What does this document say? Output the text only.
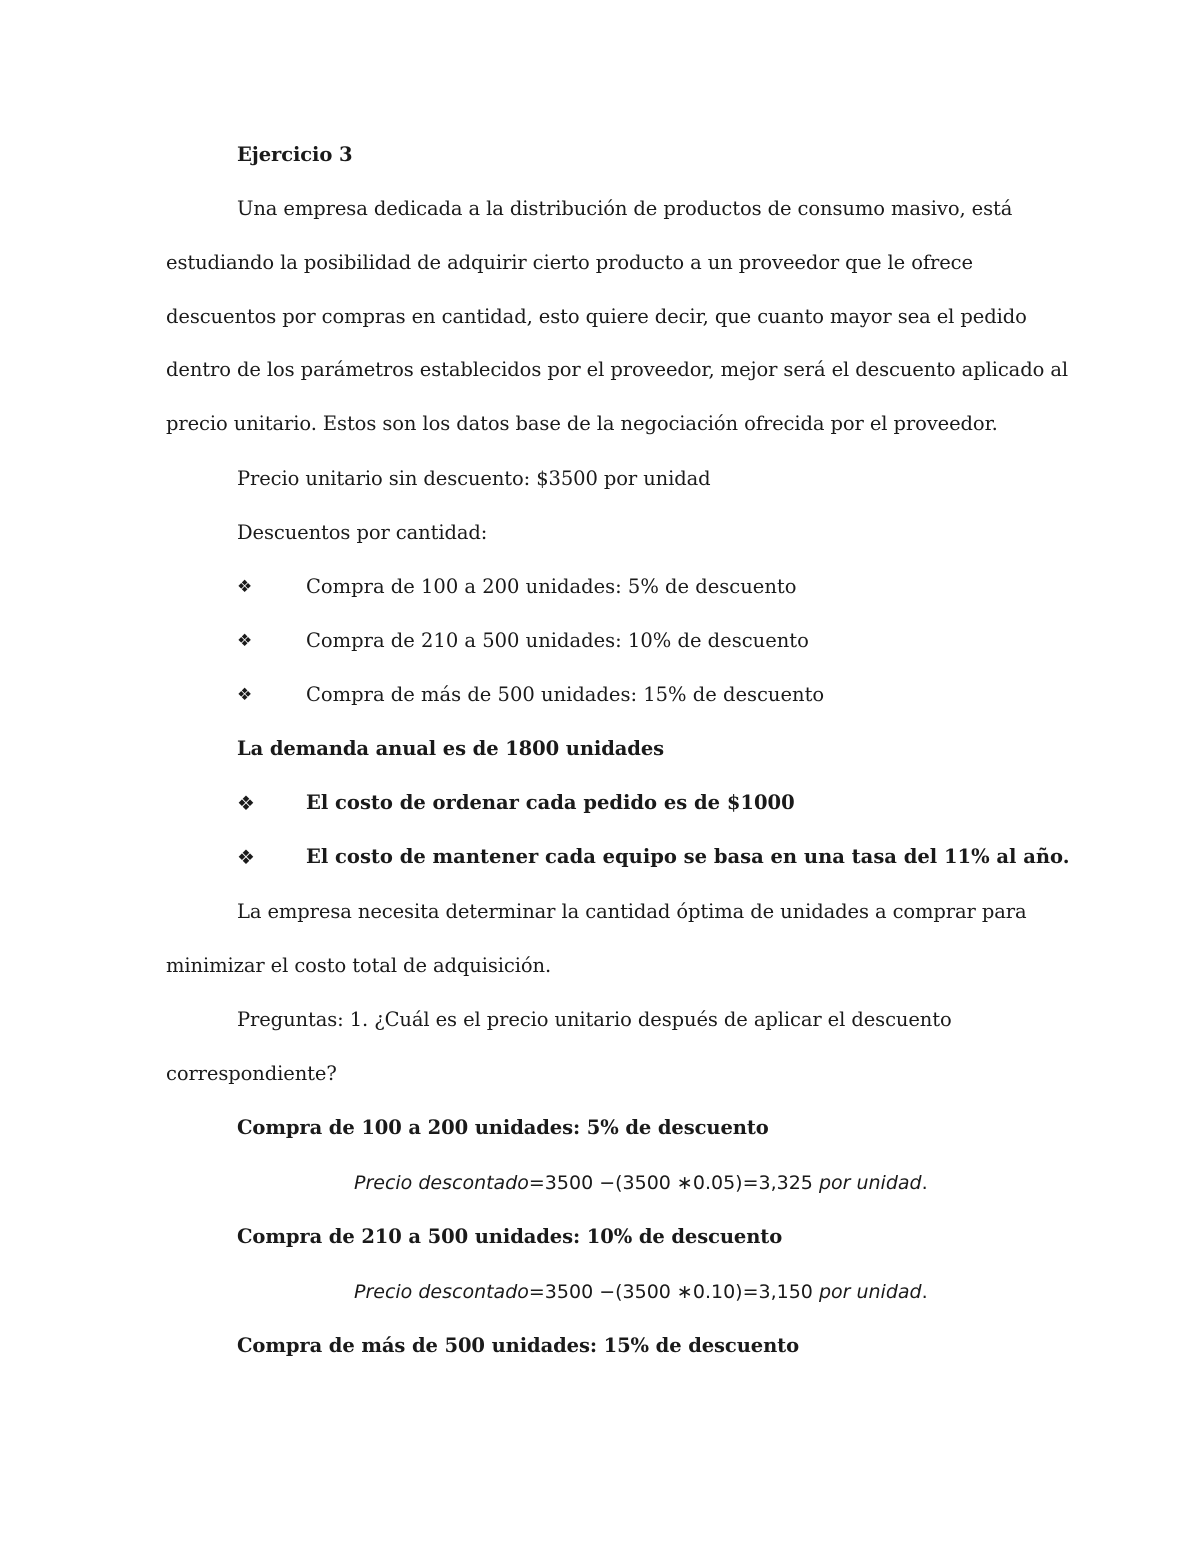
Ejercicio 3
Una empresa dedicada a la distribución de productos de consumo masivo, está
estudiando la posibilidad de adquirir cierto producto a un proveedor que le ofrece
descuentos por compras en cantidad, esto quiere decir, que cuanto mayor sea el pedido
dentro de los parámetros establecidos por el proveedor, mejor será el descuento aplicado al
precio unitario. Estos son los datos base de la negociación ofrecida por el proveedor.
Precio unitario sin descuento: $3500 por unidad
Descuentos por cantidad:
❖	Compra de 100 a 200 unidades: 5% de descuento
❖	Compra de 210 a 500 unidades: 10% de descuento
❖	Compra de más de 500 unidades: 15% de descuento
La demanda anual es de 1800 unidades
❖	El costo de ordenar cada pedido es de $1000
❖	El costo de mantener cada equipo se basa en una tasa del 11% al año.
La empresa necesita determinar la cantidad óptima de unidades a comprar para
minimizar el costo total de adquisición.
Preguntas: 1. ¿Cuál es el precio unitario después de aplicar el descuento
correspondiente?
Compra de 100 a 200 unidades: 5% de descuento
Precio descontado=3500 −(3500 ∗0.05)=3,325 por unidad.
Compra de 210 a 500 unidades: 10% de descuento
Precio descontado=3500 −(3500 ∗0.10)=3,150 por unidad.
Compra de más de 500 unidades: 15% de descuento
